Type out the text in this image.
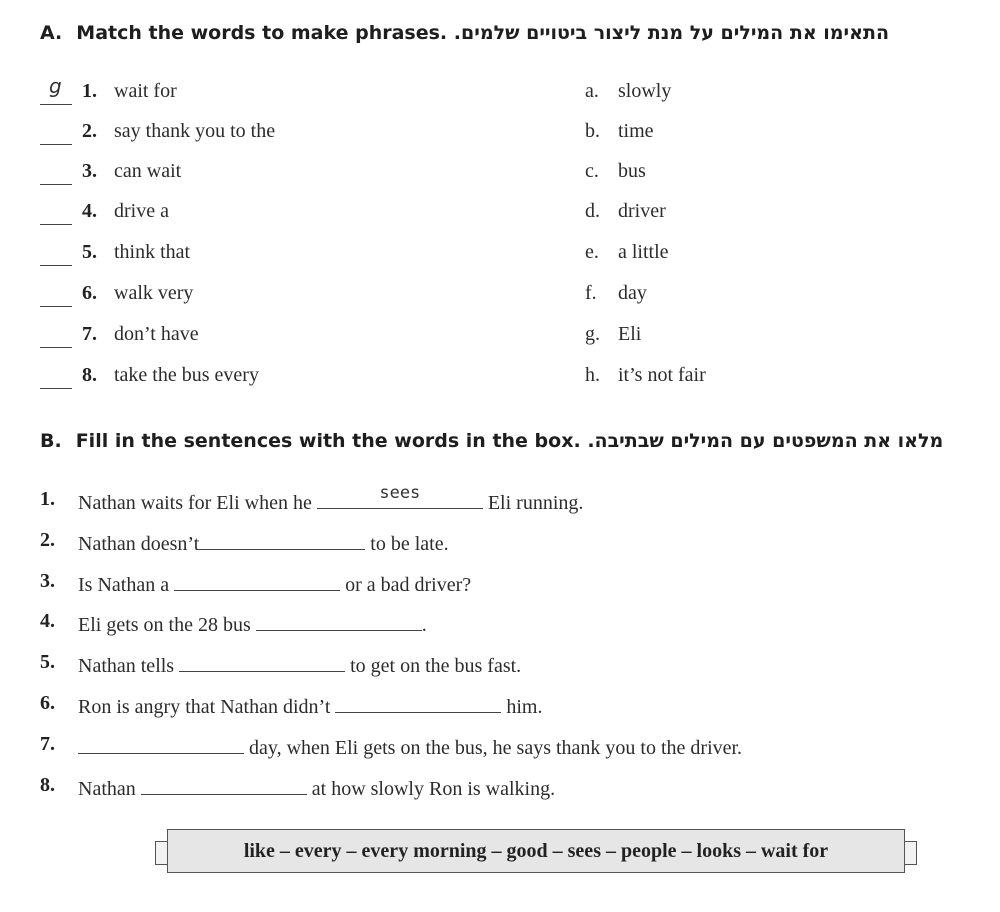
A. Match the words to make phrases. התאימו את המילים על מנת ליצור ביטויים שלמים.
g 1. wait for	a. slowly
2. say thank you to the	b. time
3. can wait	c. bus
4. drive a	d. driver
5. think that	e. a little
6. walk very	f. day
7. don’t have	g. Eli
8. take the bus every	h. it’s not fair
B. Fill in the sentences with the words in the box. מלאו את המשפטים עם המילים שבתיבה.
1. Nathan waits for Eli when he	sees	Eli running.
2. Nathan doesn’t	to be late.
3. Is Nathan a	or a bad driver?
4. Eli gets on the 28 bus	.
5. Nathan tells	to get on the bus fast.
6. Ron is angry that Nathan didn’t	him.
7.	day, when Eli gets on the bus, he says thank you to the driver.
8. Nathan	at how slowly Ron is walking.
like – every – every morning – good – sees – people – looks – wait for
